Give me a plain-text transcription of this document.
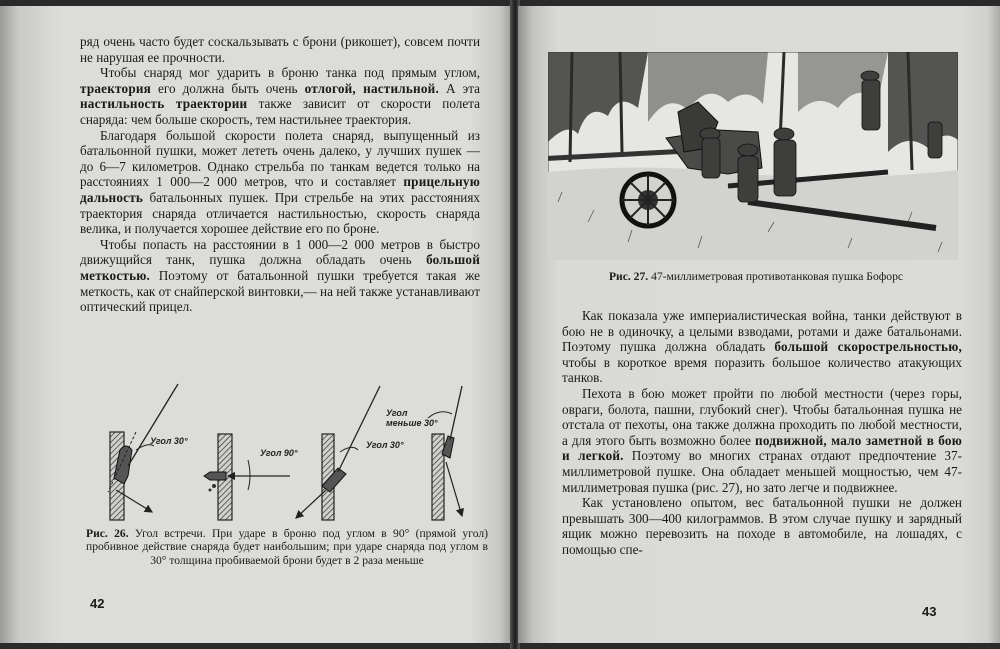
ряд очень часто будет соскальзывать с брони (рикошет), совсем почти не нарушая ее прочности.

Чтобы снаряд мог ударить в броню танка под прямым углом, траектория его должна быть очень отлогой, настильной. А эта настильность траектории также зависит от скорости полета снаряда: чем больше скорость, тем настильнее траектория.

Благодаря большой скорости полета снаряд, выпущенный из батальонной пушки, может лететь очень далеко, у лучших пушек — до 6—7 километров. Однако стрельба по танкам ведется только на расстояниях 1 000—2 000 метров, что и составляет прицельную дальность батальонных пушек. При стрельбе на этих расстояниях траектория снаряда отличается настильностью, скорость снаряда велика, и получается хорошее действие его по броне.

Чтобы попасть на расстоянии в 1 000—2 000 метров в быстро движущийся танк, пушка должна обладать очень большой меткостью. Поэтому от батальонной пушки требуется такая же меткость, как от снайперской винтовки,— на ней также устанавливают оптический прицел.

Угол 30°
Угол 90°
Угол 30°
Угол
меньше 30°
Рис. 26. Угол встречи. При ударе в броню под углом в 90° (прямой угол) пробивное действие снаряда будет наибольшим; при ударе снаряда под углом в 30° толщина пробиваемой брони будет в 2 раза меньше
42
Рис. 27. 47-миллиметровая противотанковая пушка Бофорс

Как показала уже империалистическая война, танки действуют в бою не в одиночку, а целыми взводами, ротами и даже батальонами. Поэтому пушка должна обладать большой скорострельностью, чтобы в короткое время поразить большое количество атакующих танков.

Пехота в бою может пройти по любой местности (через горы, овраги, болота, пашни, глубокий снег). Чтобы батальонная пушка не отстала от пехоты, она также должна проходить по любой местности, а для этого быть возможно более подвижной, мало заметной в бою и легкой. Поэтому во многих странах отдают предпочтение 37-миллиметровой пушке. Она обладает меньшей мощностью, чем 47-миллиметровая пушка (рис. 27), но зато легче и подвижнее.

Как установлено опытом, вес батальонной пушки не должен превышать 300—400 килограммов. В этом случае пушку и зарядный ящик можно перевозить на походе в автомобиле, на лошадях, с помощью спе-

43
